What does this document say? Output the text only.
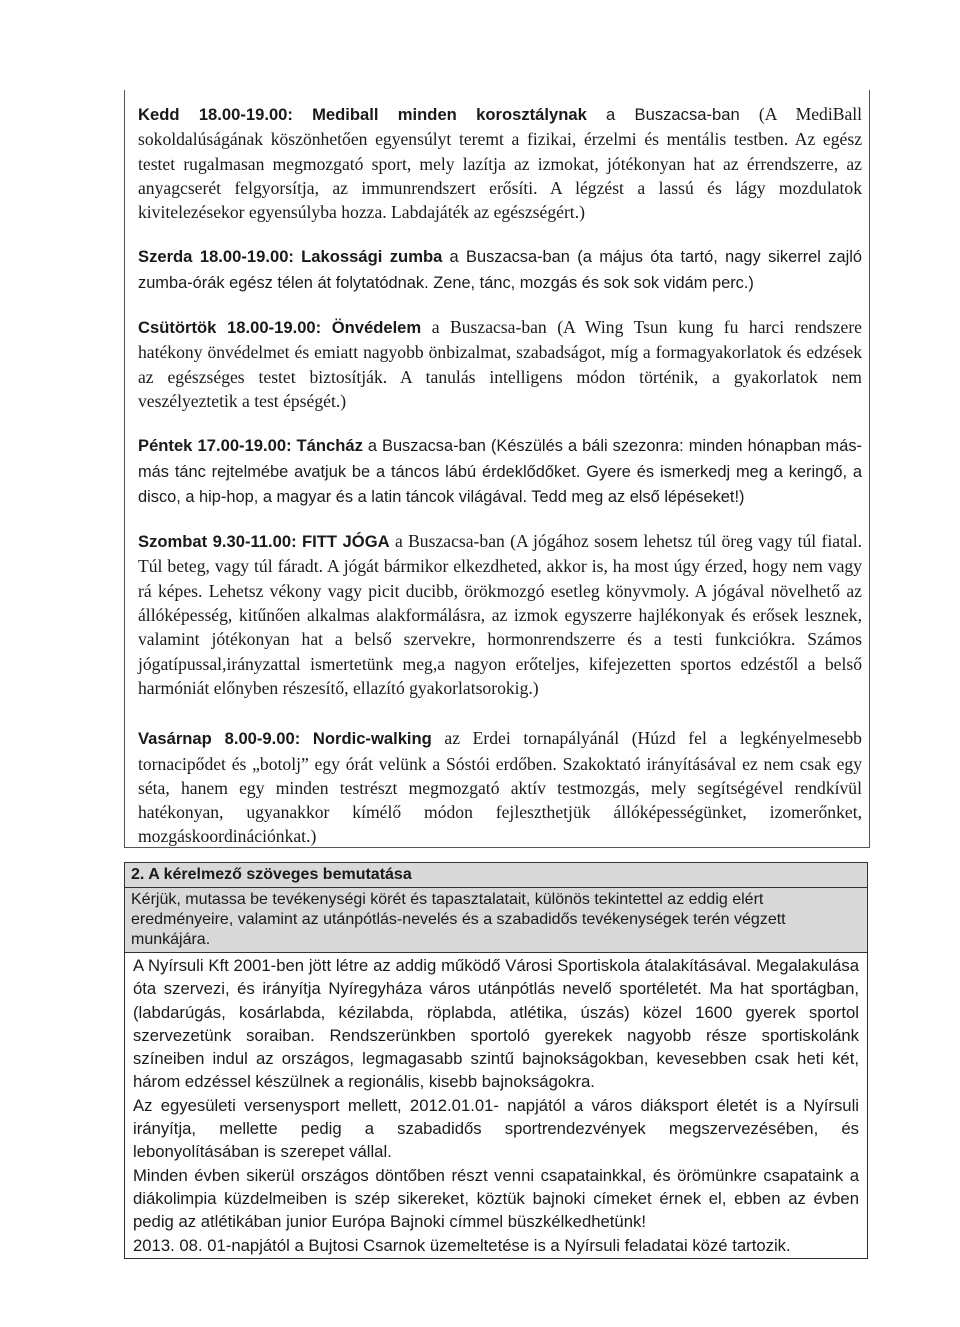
Kedd 18.00-19.00: Mediball minden korosztálynak a Buszacsa-ban (A MediBall sokoldalúságának köszönhetően egyensúlyt teremt a fizikai, érzelmi és mentális testben. Az egész testet rugalmasan megmozgató sport, mely lazítja az izmokat, jótékonyan hat az érrendszerre, az anyagcserét felgyorsítja, az immunrendszert erősíti. A légzést a lassú és lágy mozdulatok kivitelezésekor egyensúlyba hozza. Labdajáték az egészségért.)

Szerda 18.00-19.00: Lakossági zumba a Buszacsa-ban (a május óta tartó, nagy sikerrel zajló zumba-órák egész télen át folytatódnak. Zene, tánc, mozgás és sok sok vidám perc.)

Csütörtök 18.00-19.00: Önvédelem a Buszacsa-ban (A Wing Tsun kung fu harci rendszere hatékony önvédelmet és emiatt nagyobb önbizalmat, szabadságot, míg a formagyakorlatok és edzések az egészséges testet biztosítják. A tanulás intelligens módon történik, a gyakorlatok nem veszélyeztetik a test épségét.)

Péntek 17.00-19.00: Táncház a Buszacsa-ban (Készülés a báli szezonra: minden hónapban más-más tánc rejtelmébe avatjuk be a táncos lábú érdeklődőket. Gyere és ismerkedj meg a keringő, a disco, a hip-hop, a magyar és a latin táncok világával. Tedd meg az első lépéseket!)

Szombat 9.30-11.00: FITT JÓGA a Buszacsa-ban (A jógához sosem lehetsz túl öreg vagy túl fiatal. Túl beteg, vagy túl fáradt. A jógát bármikor elkezdheted, akkor is, ha most úgy érzed, hogy nem vagy rá képes. Lehetsz vékony vagy picit ducibb, örökmozgó esetleg könyvmoly. A jógával növelhető az állóképesség, kitűnően alkalmas alakformálásra, az izmok egyszerre hajlékonyak és erősek lesznek, valamint jótékonyan hat a belső szervekre, hormonrendszerre és a testi funkciókra. Számos jógatípussal,irányzattal ismertetünk meg,a nagyon erőteljes, kifejezetten sportos edzéstől a belső harmóniát előnyben részesítő, ellazító gyakorlatsorokig.)

Vasárnap 8.00-9.00: Nordic-walking az Erdei tornapályánál (Húzd fel a legkényelmesebb tornacipődet és „botolj” egy órát velünk a Sóstói erdőben. Szakoktató irányításával ez nem csak egy séta, hanem egy minden testrészt megmozgató aktív testmozgás, mely segítségével rendkívül hatékonyan, ugyanakkor kímélő módon fejleszthetjük állóképességünket, izomerőnket, mozgáskoordinációnkat.)

2. A kérelmező szöveges bemutatása
Kérjük, mutassa be tevékenységi körét és tapasztalatait, különös tekintettel az eddig elért eredményeire, valamint az utánpótlás-nevelés és a szabadidős tevékenységek terén végzett munkájára.

A Nyírsuli Kft 2001-ben jött létre az addig működő Városi Sportiskola átalakításával. Megalakulása óta szervezi, és irányítja Nyíregyháza város utánpótlás nevelő sportéletét. Ma hat sportágban, (labdarúgás, kosárlabda, kézilabda, röplabda, atlétika, úszás) közel 1600 gyerek sportol szervezetünk soraiban. Rendszerünkben sportoló gyerekek nagyobb része sportiskolánk színeiben indul az országos, legmagasabb szintű bajnokságokban, kevesebben csak heti két, három edzéssel készülnek a regionális, kisebb bajnokságokra.

Az egyesületi versenysport mellett, 2012.01.01- napjától a város diáksport életét is a Nyírsuli irányítja, mellette pedig a szabadidős sportrendezvények megszervezésében, és lebonyolításában is szerepet vállal.

Minden évben sikerül országos döntőben részt venni csapatainkkal, és örömünkre csapataink a diákolimpia küzdelmeiben is szép sikereket, köztük bajnoki címeket érnek el, ebben az évben pedig az atlétikában junior Európa Bajnoki címmel büszkélkedhetünk!

2013. 08. 01-napjától a Bujtosi Csarnok üzemeltetése is a Nyírsuli feladatai közé tartozik.
